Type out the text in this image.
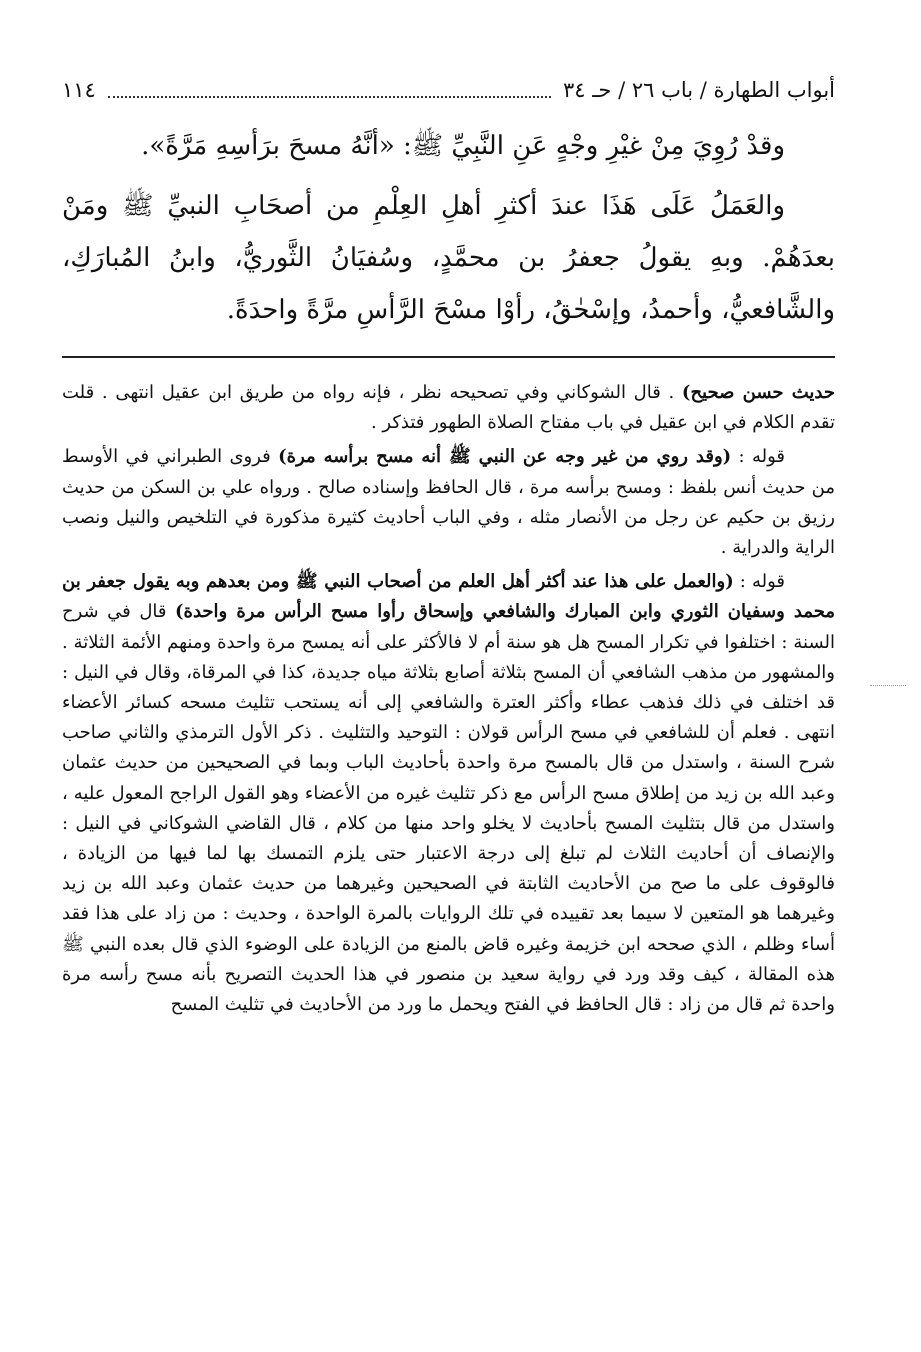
أبواب الطهارة / باب ٢٦ / حـ ٣٤
١١٤

وقدْ رُوِيَ مِنْ غيْرِ وجْهٍ عَنِ النَّبِيِّ ﷺ: «أنَّهُ مسحَ برَأسِهِ مَرَّةً».

والعَمَلُ عَلَى هَذَا عندَ أكثرِ أهلِ العِلْمِ من أصحَابِ النبيِّ ﷺ ومَنْ بعدَهُمْ. وبهِ يقولُ جعفرُ بن محمَّدٍ، وسُفيَانُ الثَّوريُّ، وابنُ المُبارَكِ، والشَّافعيُّ، وأحمدُ، وإسْحٰقُ، رأوْا مسْحَ الرَّأسِ مرَّةً واحدَةً.

حديث حسن صحيح) . قال الشوكاني وفي تصحيحه نظر ، فإنه رواه من طريق ابن عقيل انتهى . قلت تقدم الكلام في ابن عقيل في باب مفتاح الصلاة الطهور فتذكر .

قوله : (وقد روي من غير وجه عن النبي ﷺ أنه مسح برأسه مرة) فروى الطبراني في الأوسط من حديث أنس بلفظ : ومسح برأسه مرة ، قال الحافظ وإسناده صالح . ورواه علي بن السكن من حديث رزيق بن حكيم عن رجل من الأنصار مثله ، وفي الباب أحاديث كثيرة مذكورة في التلخيص والنيل ونصب الراية والدراية .

قوله : (والعمل على هذا عند أكثر أهل العلم من أصحاب النبي ﷺ ومن بعدهم وبه يقول جعفر بن محمد وسفيان الثوري وابن المبارك والشافعي وإسحاق رأوا مسح الرأس مرة واحدة) قال في شرح السنة : اختلفوا في تكرار المسح هل هو سنة أم لا فالأكثر على أنه يمسح مرة واحدة ومنهم الأئمة الثلاثة . والمشهور من مذهب الشافعي أن المسح بثلاثة أصابع بثلاثة مياه جديدة، كذا في المرقاة، وقال في النيل : قد اختلف في ذلك فذهب عطاء وأكثر العترة والشافعي إلى أنه يستحب تثليث مسحه كسائر الأعضاء انتهى . فعلم أن للشافعي في مسح الرأس قولان : التوحيد والتثليث . ذكر الأول الترمذي والثاني صاحب شرح السنة ، واستدل من قال بالمسح مرة واحدة بأحاديث الباب وبما في الصحيحين من حديث عثمان وعبد الله بن زيد من إطلاق مسح الرأس مع ذكر تثليث غيره من الأعضاء وهو القول الراجح المعول عليه ، واستدل من قال بتثليث المسح بأحاديث لا يخلو واحد منها من كلام ، قال القاضي الشوكاني في النيل : والإنصاف أن أحاديث الثلاث لم تبلغ إلى درجة الاعتبار حتى يلزم التمسك بها لما فيها من الزيادة ، فالوقوف على ما صح من الأحاديث الثابتة في الصحيحين وغيرهما من حديث عثمان وعبد الله بن زيد وغيرهما هو المتعين لا سيما بعد تقييده في تلك الروايات بالمرة الواحدة ، وحديث : من زاد على هذا فقد أساء وظلم ، الذي صححه ابن خزيمة وغيره قاض بالمنع من الزيادة على الوضوء الذي قال بعده النبي ﷺ هذه المقالة ، كيف وقد ورد في رواية سعيد بن منصور في هذا الحديث التصريح بأنه مسح رأسه مرة واحدة ثم قال من زاد : قال الحافظ في الفتح ويحمل ما ورد من الأحاديث في تثليث المسح
